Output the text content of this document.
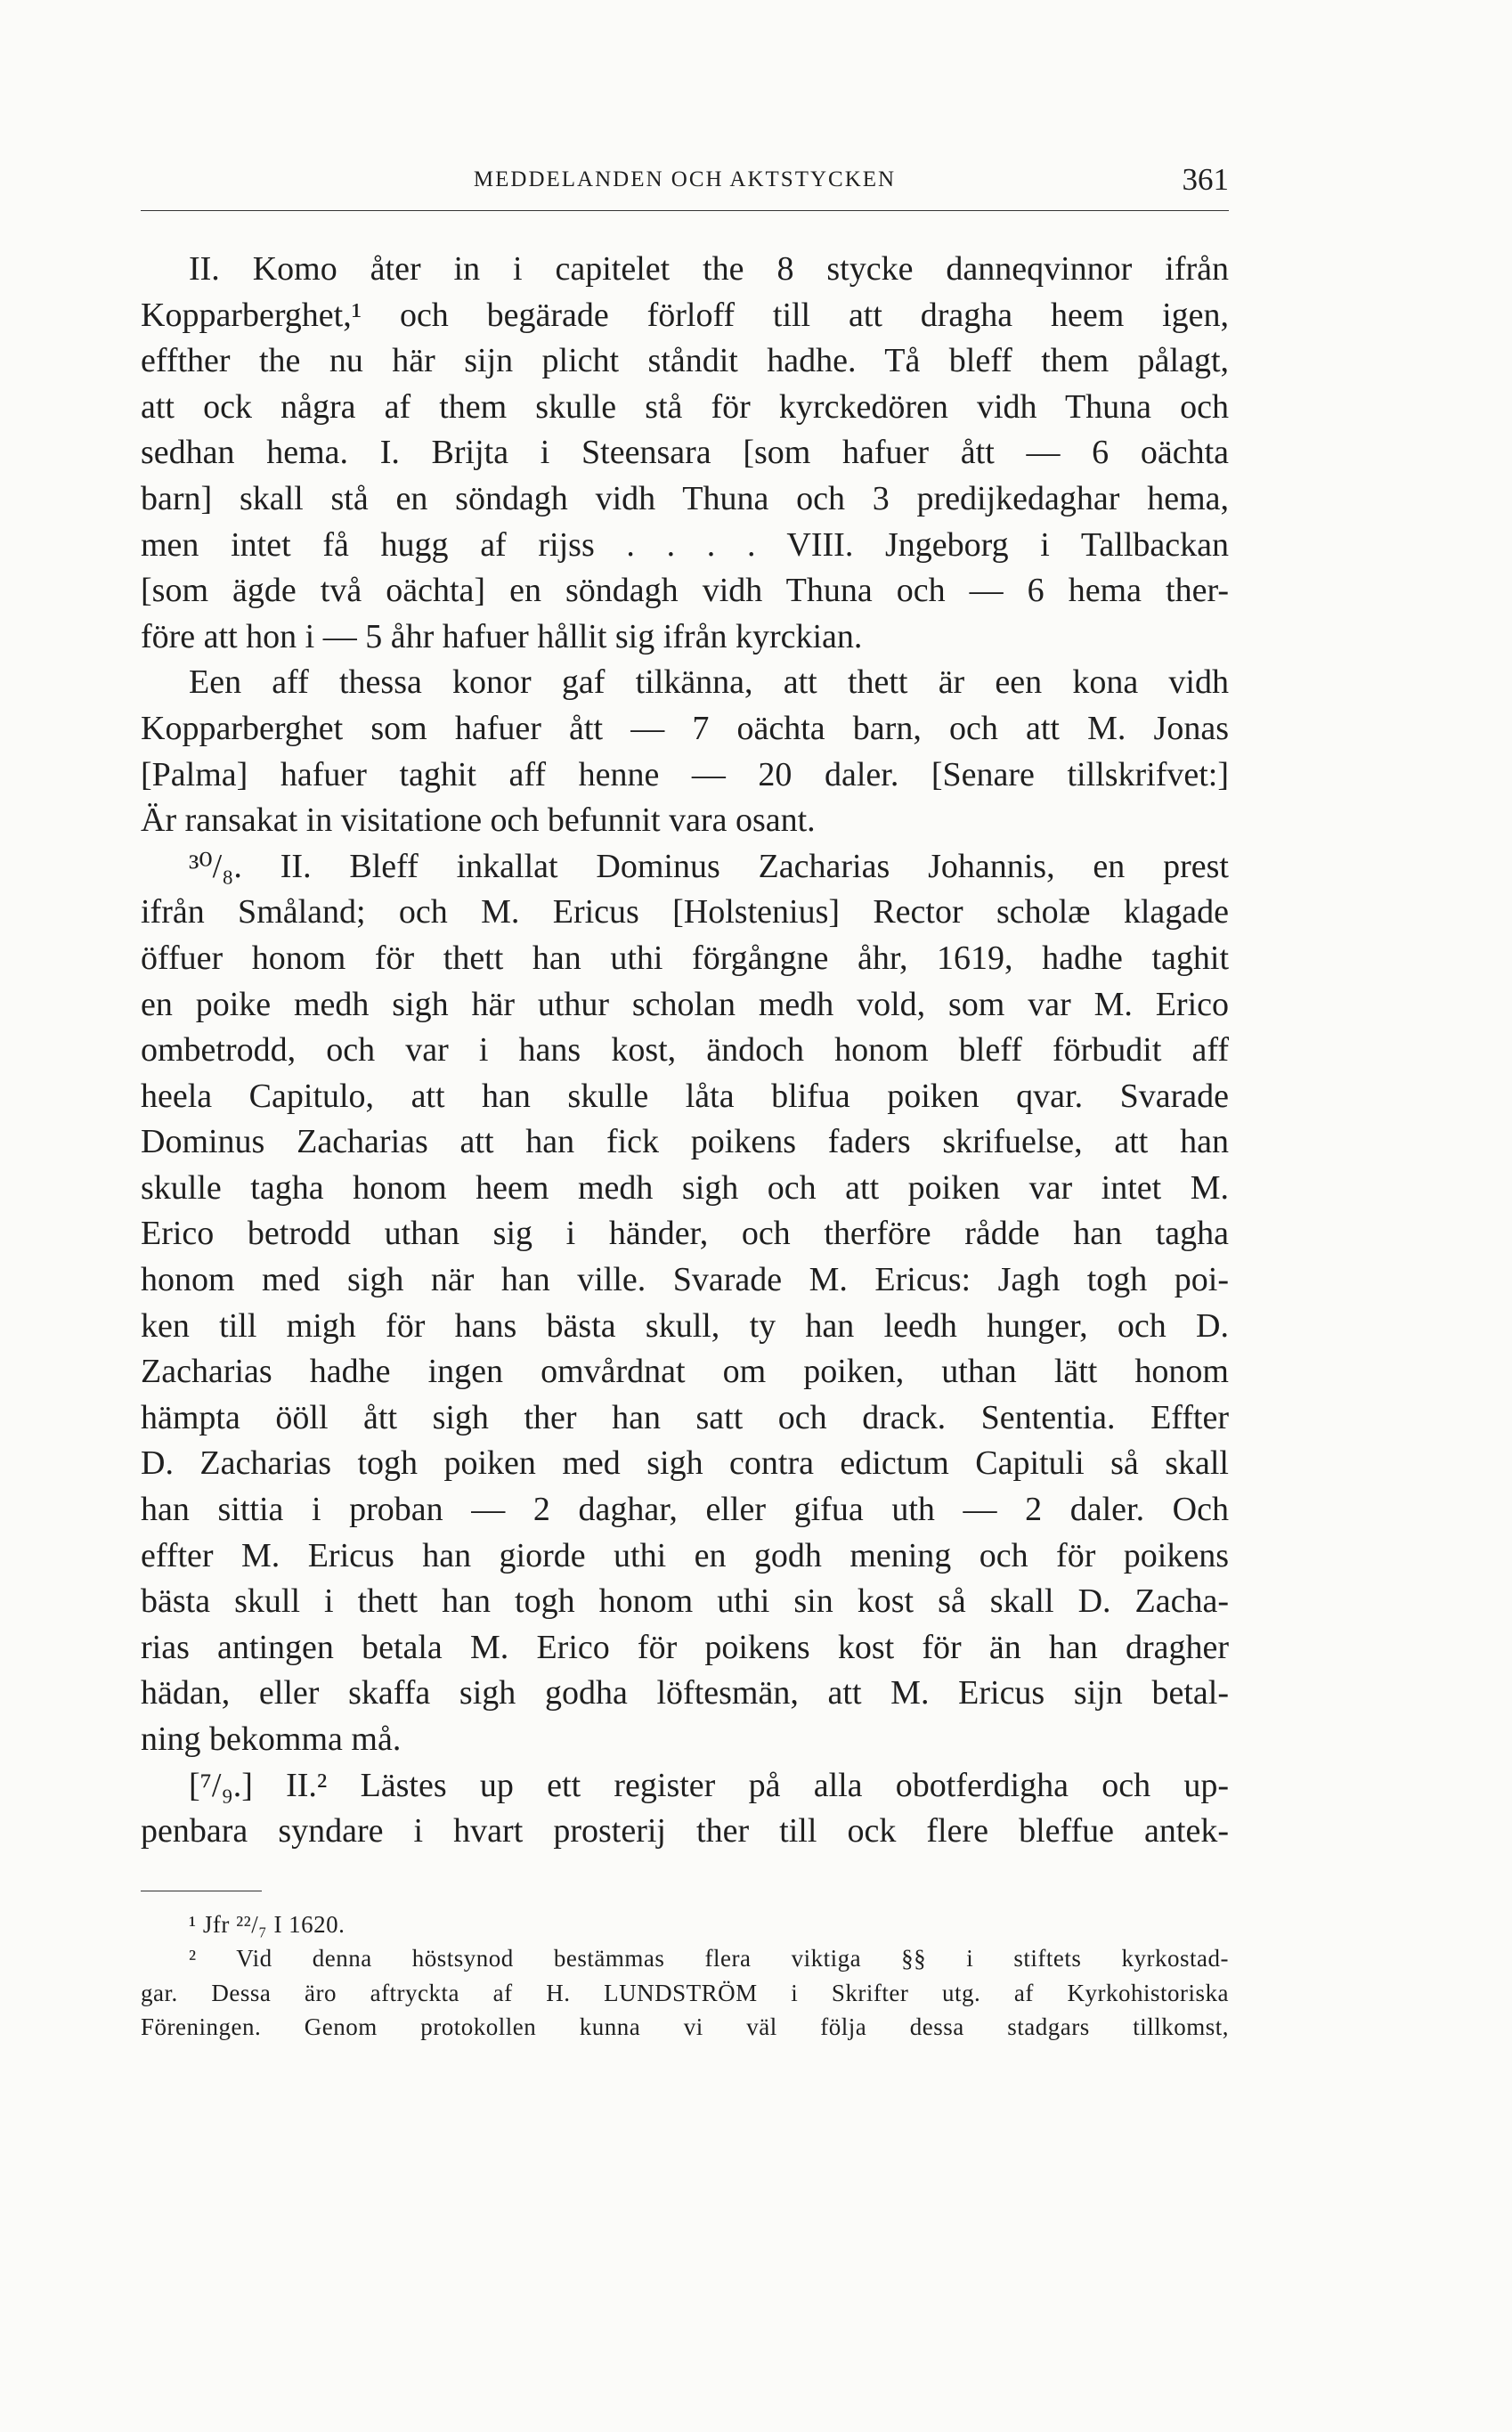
MEDDELANDEN OCH AKTSTYCKEN	361
II. Komo åter in i capitelet the 8 stycke danneqvinnor ifrån
Kopparberghet,¹ och begärade förloff till att dragha heem igen,
effther the nu här sijn plicht ståndit hadhe. Tå bleff them pålagt,
att ock några af them skulle stå för kyrckedören vidh Thuna och
sedhan hema. I. Brijta i Steensara [som hafuer ått — 6 oächta
barn] skall stå en söndagh vidh Thuna och 3 predijkedaghar hema,
men intet få hugg af rijss . . . . VIII. Jngeborg i Tallbackan
[som ägde två oächta] en söndagh vidh Thuna och — 6 hema ther-
före att hon i — 5 åhr hafuer hållit sig ifrån kyrckian.
Een aff thessa konor gaf tilkänna, att thett är een kona vidh
Kopparberghet som hafuer ått — 7 oächta barn, och att M. Jonas
[Palma] hafuer taghit aff henne — 20 daler. [Senare tillskrifvet:]
Är ransakat in visitatione och befunnit vara osant.
³⁰/₈. II. Bleff inkallat Dominus Zacharias Johannis, en prest
ifrån Småland; och M. Ericus [Holstenius] Rector scholæ klagade
öffuer honom för thett han uthi förgångne åhr, 1619, hadhe taghit
en poike medh sigh här uthur scholan medh vold, som var M. Erico
ombetrodd, och var i hans kost, ändoch honom bleff förbudit aff
heela Capitulo, att han skulle låta blifua poiken qvar. Svarade
Dominus Zacharias att han fick poikens faders skrifuelse, att han
skulle tagha honom heem medh sigh och att poiken var intet M.
Erico betrodd uthan sig i händer, och therföre rådde han tagha
honom med sigh när han ville. Svarade M. Ericus: Jagh togh poi-
ken till migh för hans bästa skull, ty han leedh hunger, och D.
Zacharias hadhe ingen omvårdnat om poiken, uthan lätt honom
hämpta ööll ått sigh ther han satt och drack. Sententia. Effter
D. Zacharias togh poiken med sigh contra edictum Capituli så skall
han sittia i proban — 2 daghar, eller gifua uth — 2 daler. Och
effter M. Ericus han giorde uthi en godh mening och för poikens
bästa skull i thett han togh honom uthi sin kost så skall D. Zacha-
rias antingen betala M. Erico för poikens kost för än han dragher
hädan, eller skaffa sigh godha löftesmän, att M. Ericus sijn betal-
ning bekomma må.
[⁷/₉.] II.² Lästes up ett register på alla obotferdigha och up-
penbara syndare i hvart prosterij ther till ock flere bleffue antek-
¹ Jfr ²²/₇ I 1620.
² Vid denna höstsynod bestämmas flera viktiga §§ i stiftets kyrkostad-
gar. Dessa äro aftryckta af H. LUNDSTRÖM i Skrifter utg. af Kyrkohistoriska
Föreningen. Genom protokollen kunna vi väl följa dessa stadgars tillkomst,
